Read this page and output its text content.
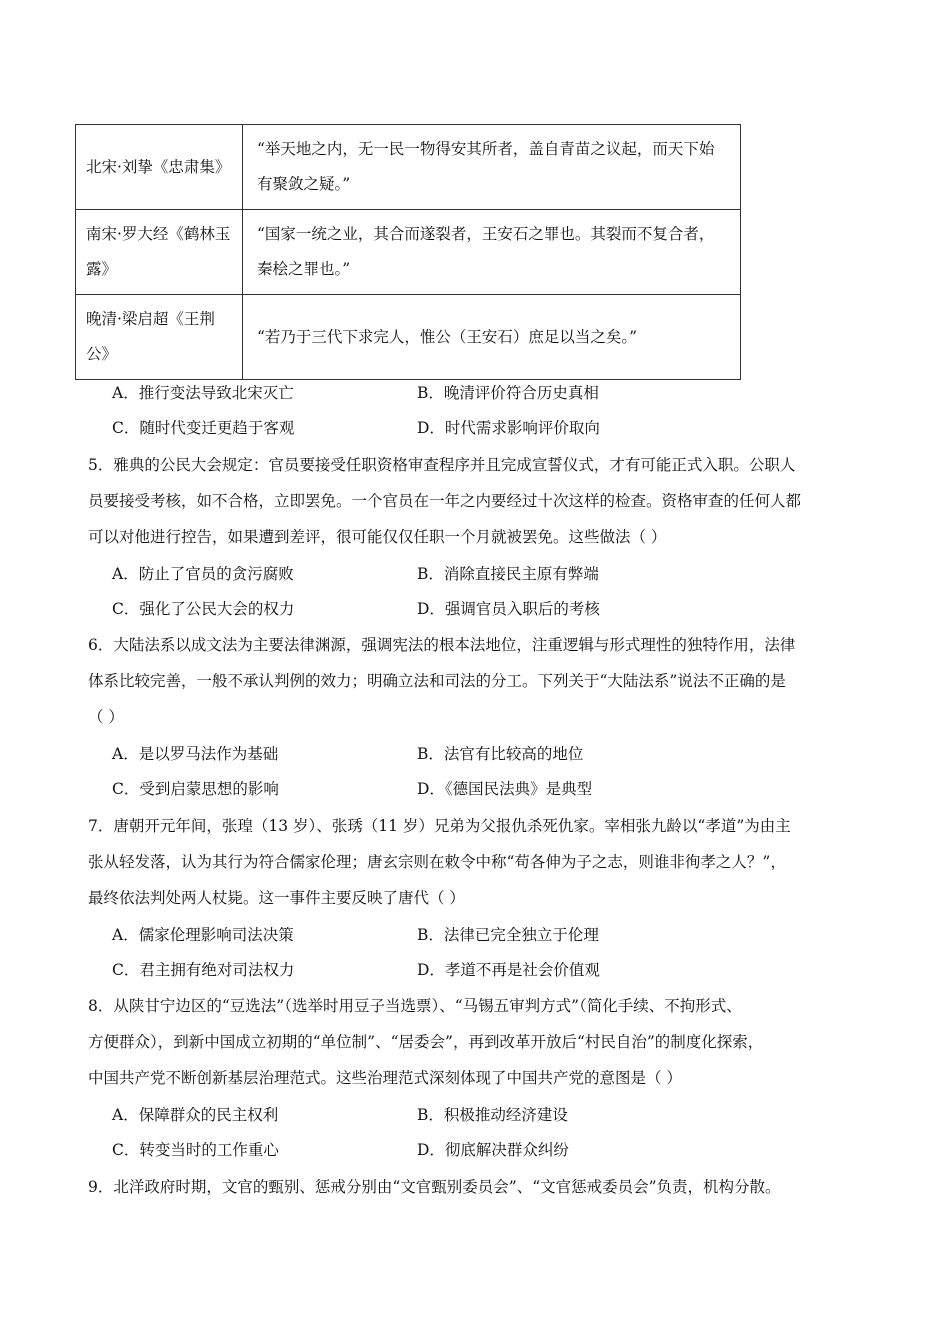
北宋·刘挚《忠肃集》	“举天地之内，无一民一物得安其所者，盖自青苗之议起，而天下始有聚敛之疑。”
南宋·罗大经《鹤林玉露》	“国家一统之业，其合而遂裂者，王安石之罪也。其裂而不复合者，秦桧之罪也。”
晚清·梁启超《王荆公》	“若乃于三代下求完人，惟公（王安石）庶足以当之矣。”
A．推行变法导致北宋灭亡	B．晚清评价符合历史真相
C．随时代变迁更趋于客观	D．时代需求影响评价取向
5．雅典的公民大会规定：官员要接受任职资格审查程序并且完成宣誓仪式，才有可能正式入职。公职人
员要接受考核，如不合格，立即罢免。一个官员在一年之内要经过十次这样的检查。资格审查的任何人都
可以对他进行控告，如果遭到差评，很可能仅仅任职一个月就被罢免。这些做法（ ）
A．防止了官员的贪污腐败	B．消除直接民主原有弊端
C．强化了公民大会的权力	D．强调官员入职后的考核
6．大陆法系以成文法为主要法律渊源，强调宪法的根本法地位，注重逻辑与形式理性的独特作用，法律
体系比较完善，一般不承认判例的效力；明确立法和司法的分工。下列关于“大陆法系”说法不正确的是
（ ）
A．是以罗马法作为基础	B．法官有比较高的地位
C．受到启蒙思想的影响	D．《德国民法典》是典型
7．唐朝开元年间，张瑝（13 岁）、张琇（11 岁）兄弟为父报仇杀死仇家。宰相张九龄以“孝道”为由主
张从轻发落，认为其行为符合儒家伦理；唐玄宗则在敕令中称“苟各伸为子之志，则谁非徇孝之人？”，
最终依法判处两人杖毙。这一事件主要反映了唐代（ ）
A．儒家伦理影响司法决策	B．法律已完全独立于伦理
C．君主拥有绝对司法权力	D．孝道不再是社会价值观
8．从陕甘宁边区的“豆选法”（选举时用豆子当选票）、“马锡五审判方式”（简化手续、不拘形式、
方便群众），到新中国成立初期的“单位制”、“居委会”，再到改革开放后“村民自治”的制度化探索，
中国共产党不断创新基层治理范式。这些治理范式深刻体现了中国共产党的意图是（ ）
A．保障群众的民主权利	B．积极推动经济建设
C．转变当时的工作重心	D．彻底解决群众纠纷
9．北洋政府时期，文官的甄别、惩戒分别由“文官甄别委员会”、“文官惩戒委员会”负责，机构分散。
